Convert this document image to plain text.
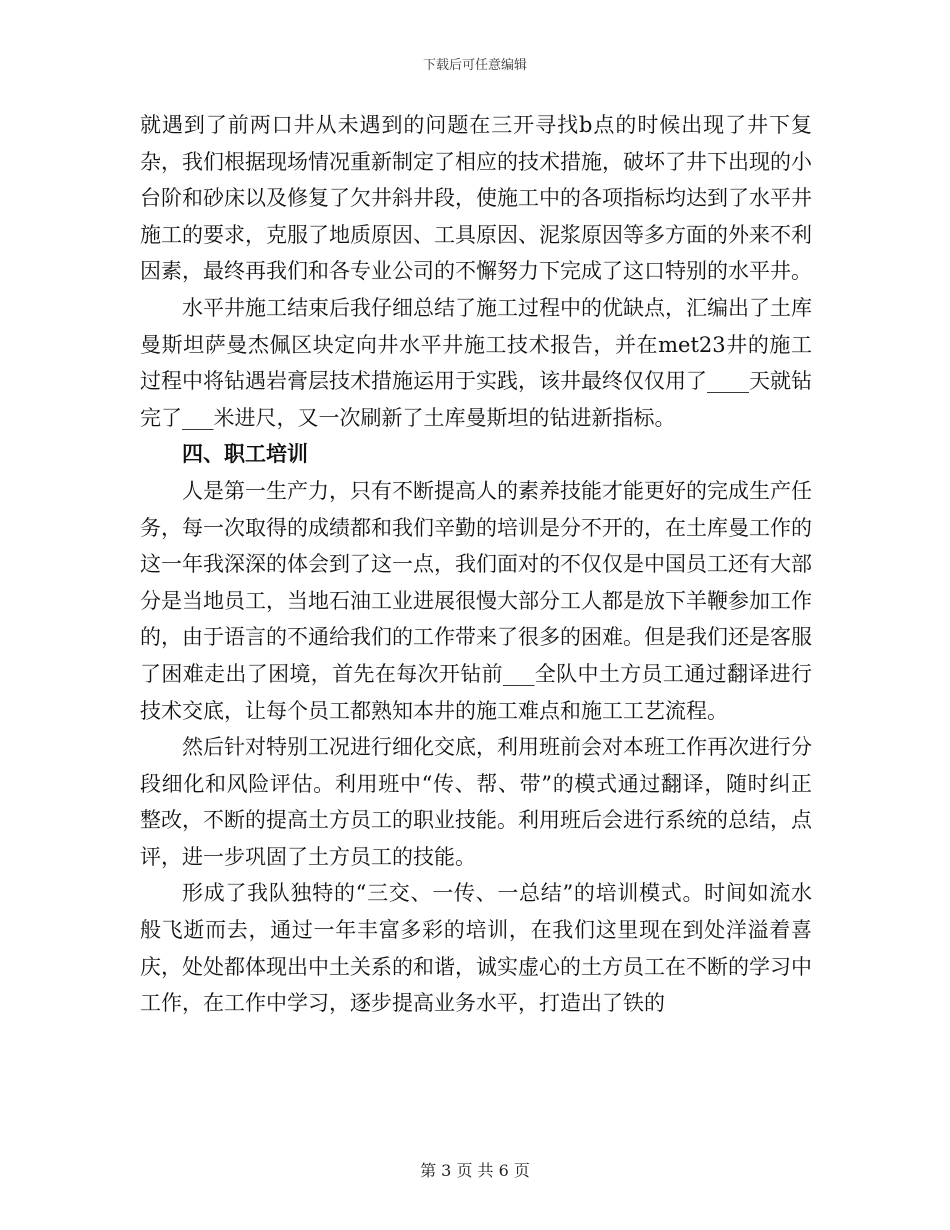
下载后可任意编辑

就遇到了前两口井从未遇到的问题在三开寻找b点的时候出现了井下复杂，我们根据现场情况重新制定了相应的技术措施，破坏了井下出现的小台阶和砂床以及修复了欠井斜井段，使施工中的各项指标均达到了水平井施工的要求，克服了地质原因、工具原因、泥浆原因等多方面的外来不利因素，最终再我们和各专业公司的不懈努力下完成了这口特别的水平井。

水平井施工结束后我仔细总结了施工过程中的优缺点，汇编出了土库曼斯坦萨曼杰佩区块定向井水平井施工技术报告，并在met23井的施工过程中将钻遇岩膏层技术措施运用于实践，该井最终仅仅用了____天就钻完了___米进尺，又一次刷新了土库曼斯坦的钻进新指标。

四、职工培训

人是第一生产力，只有不断提高人的素养技能才能更好的完成生产任务，每一次取得的成绩都和我们辛勤的培训是分不开的，在土库曼工作的这一年我深深的体会到了这一点，我们面对的不仅仅是中国员工还有大部分是当地员工，当地石油工业进展很慢大部分工人都是放下羊鞭参加工作的，由于语言的不通给我们的工作带来了很多的困难。但是我们还是客服了困难走出了困境，首先在每次开钻前___全队中土方员工通过翻译进行技术交底，让每个员工都熟知本井的施工难点和施工工艺流程。

然后针对特别工况进行细化交底，利用班前会对本班工作再次进行分段细化和风险评估。利用班中“传、帮、带”的模式通过翻译，随时纠正整改，不断的提高土方员工的职业技能。利用班后会进行系统的总结，点评，进一步巩固了土方员工的技能。

形成了我队独特的“三交、一传、一总结”的培训模式。时间如流水般飞逝而去，通过一年丰富多彩的培训，在我们这里现在到处洋溢着喜庆，处处都体现出中土关系的和谐，诚实虚心的土方员工在不断的学习中工作，在工作中学习，逐步提高业务水平，打造出了铁的

第 3 页 共 6 页
